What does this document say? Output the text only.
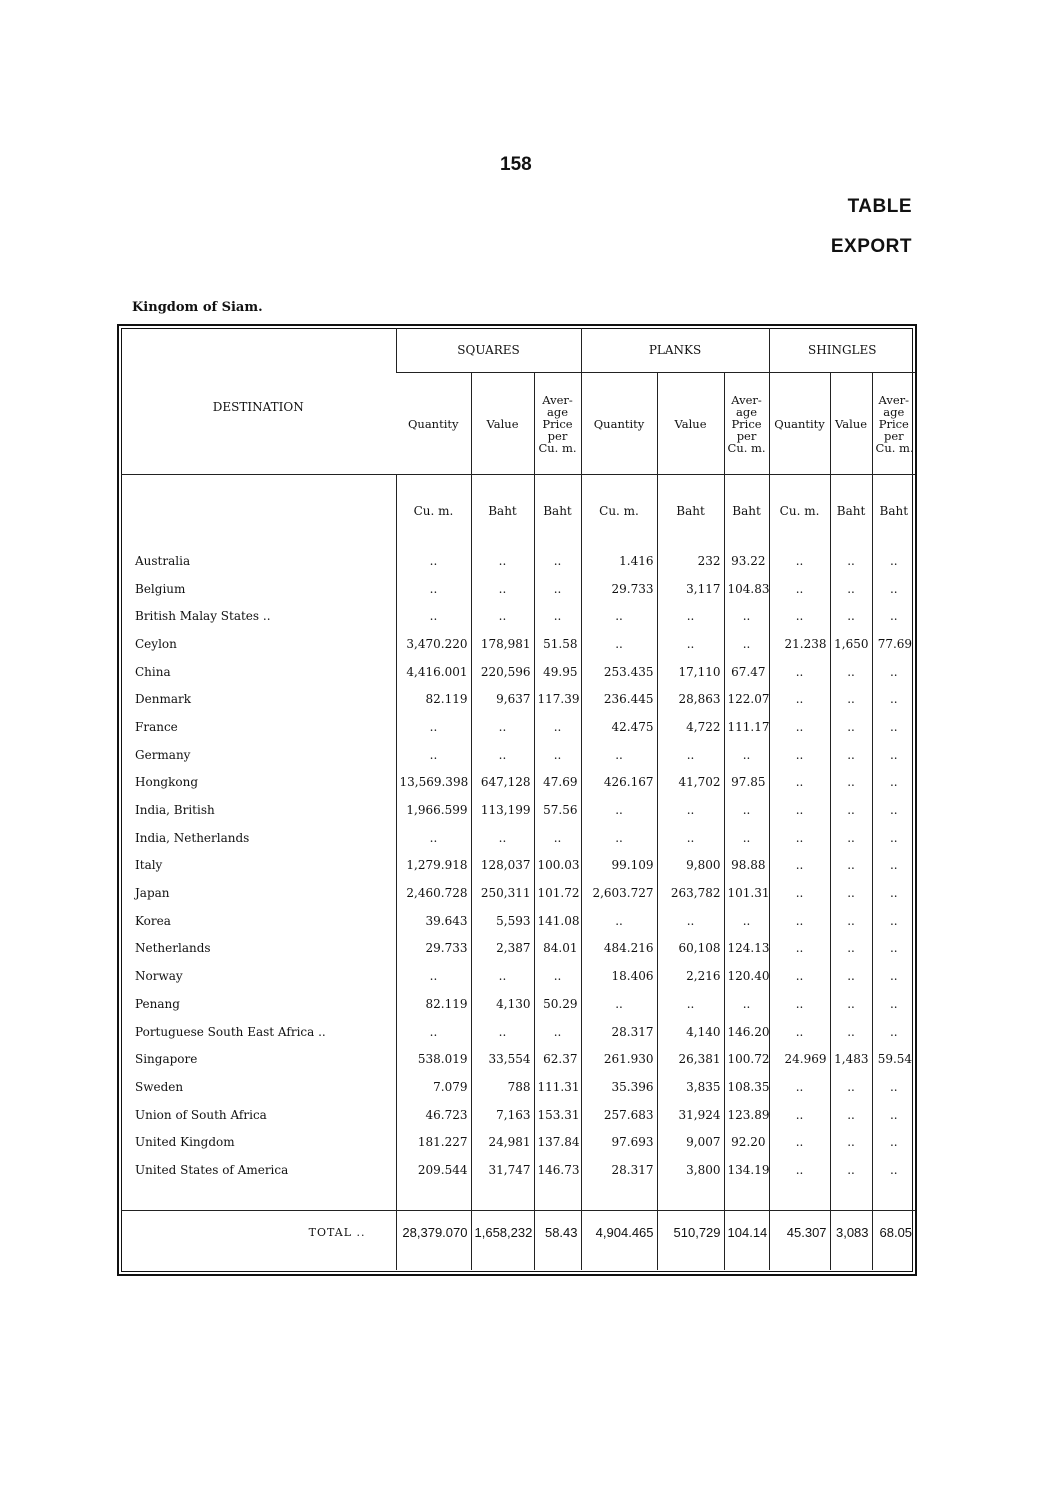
158
TABLE
EXPORT
Kingdom of Siam.
DESTINATION	SQUARES			PLANKS			SHINGLES		
	Quantity	Value	Aver-
age
Price
per
Cu. m.	Quantity	Value	Aver-
age
Price
per
Cu. m.	Quantity	Value	Aver-
age
Price
per
Cu. m.
	Cu. m.	Baht	Baht	Cu. m.	Baht	Baht	Cu. m.	Baht	Baht
Australia	..	..	..	1.416	232	93.22	..	..	..
Belgium	..	..	..	29.733	3,117	104.83	..	..	..
British Malay States ..	..	..	..	..	..	..	..	..	..
Ceylon	3,470.220	178,981	51.58	..	..	..	21.238	1,650	77.69
China	4,416.001	220,596	49.95	253.435	17,110	67.47	..	..	..
Denmark	82.119	9,637	117.39	236.445	28,863	122.07	..	..	..
France	..	..	..	42.475	4,722	111.17	..	..	..
Germany	..	..	..	..	..	..	..	..	..
Hongkong	13,569.398	647,128	47.69	426.167	41,702	97.85	..	..	..
India, British	1,966.599	113,199	57.56	..	..	..	..	..	..
India, Netherlands	..	..	..	..	..	..	..	..	..
Italy	1,279.918	128,037	100.03	99.109	9,800	98.88	..	..	..
Japan	2,460.728	250,311	101.72	2,603.727	263,782	101.31	..	..	..
Korea	39.643	5,593	141.08	..	..	..	..	..	..
Netherlands	29.733	2,387	84.01	484.216	60,108	124.13	..	..	..
Norway	..	..	..	18.406	2,216	120.40	..	..	..
Penang	82.119	4,130	50.29	..	..	..	..	..	..
Portuguese South East Africa ..	..	..	..	28.317	4,140	146.20	..	..	..
Singapore	538.019	33,554	62.37	261.930	26,381	100.72	24.969	1,483	59.54
Sweden	7.079	788	111.31	35.396	3,835	108.35	..	..	..
Union of South Africa	46.723	7,163	153.31	257.683	31,924	123.89	..	..	..
United Kingdom	181.227	24,981	137.84	97.693	9,007	92.20	..	..	..
United States of America	209.544	31,747	146.73	28.317	3,800	134.19	..	..	..

TOTAL ..	28,379.070	1,658,232	58.43	4,904.465	510,729	104.14	45.307	3,083	68.05
